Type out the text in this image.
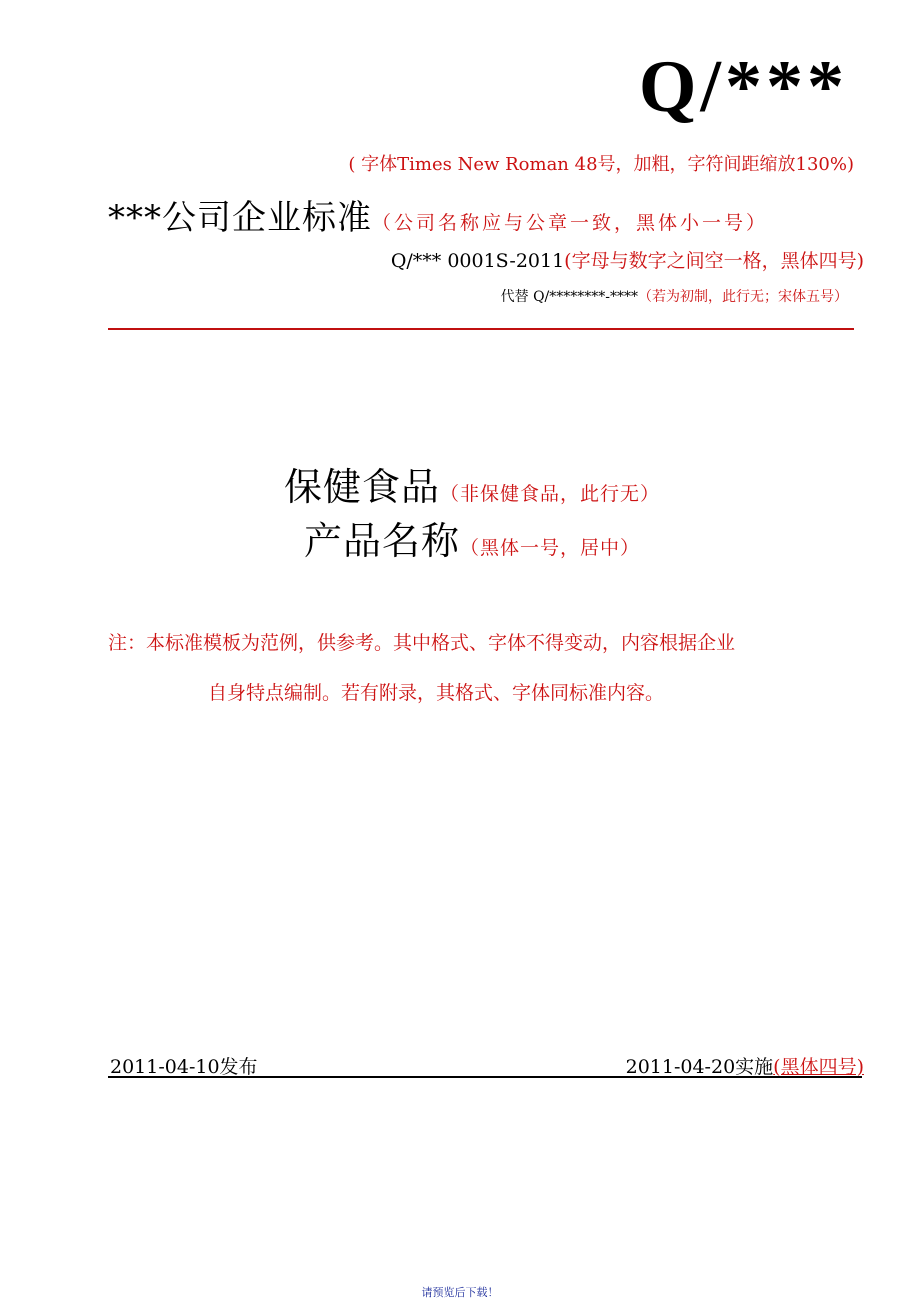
Q/***
( 字体Times New Roman 48号，加粗，字符间距缩放130%)
***公司企业标准（公司名称应与公章一致，黑体小一号）
Q/*** 0001S-2011(字母与数字之间空一格，黑体四号)
代替 Q/********-****（若为初制，此行无；宋体五号）
保健食品（非保健食品，此行无）
产品名称（黑体一号，居中）
注：本标准模板为范例，供参考。其中格式、字体不得变动，内容根据企业
自身特点编制。若有附录，其格式、字体同标准内容。
2011-04-10发布	2011-04-20实施(黑体四号)
请预览后下载！
